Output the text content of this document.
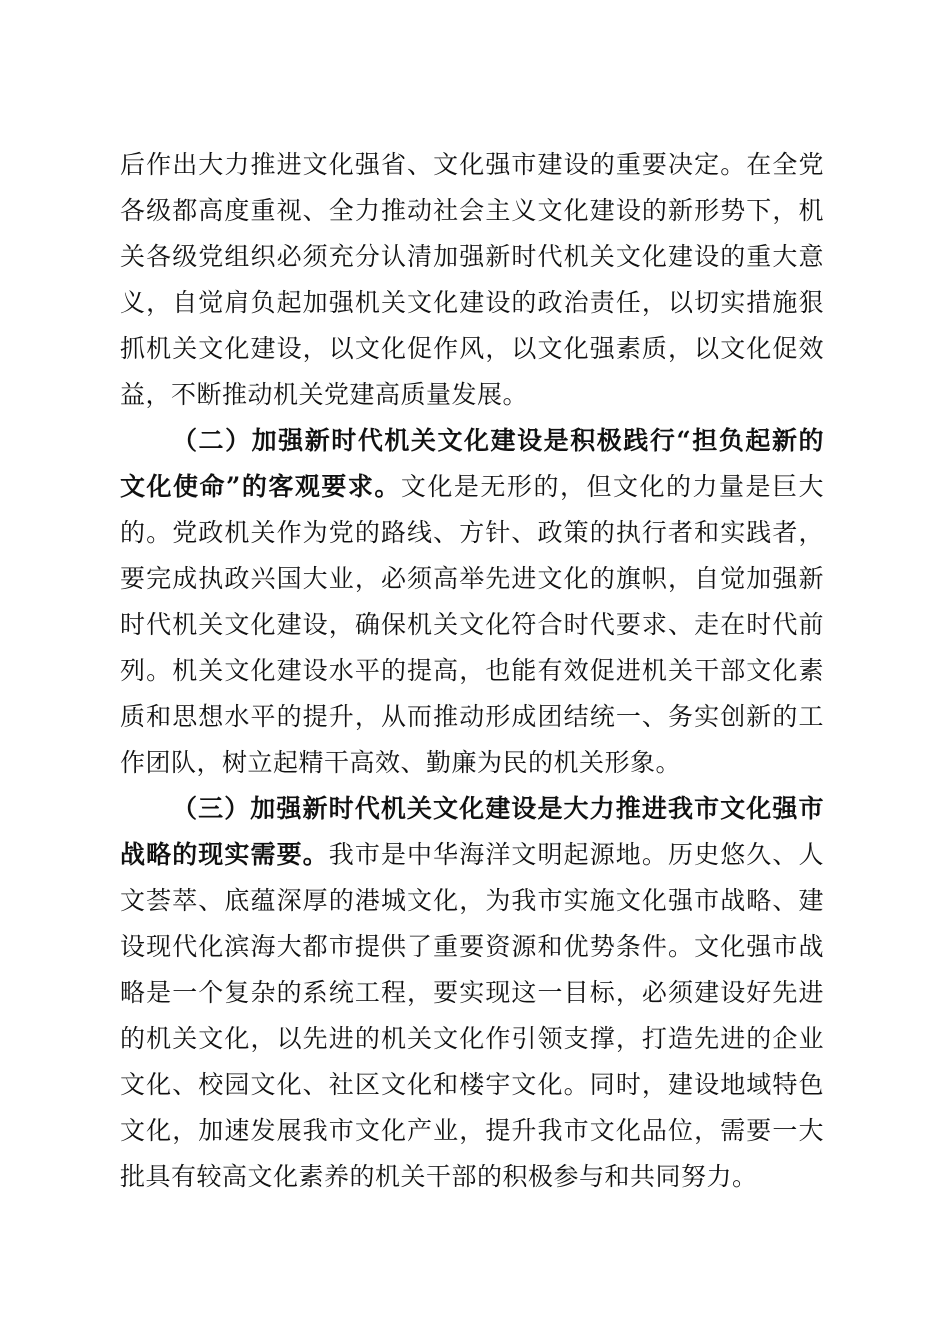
后作出大力推进文化强省、文化强市建设的重要决定。在全党各级都高度重视、全力推动社会主义文化建设的新形势下，机关各级党组织必须充分认清加强新时代机关文化建设的重大意义，自觉肩负起加强机关文化建设的政治责任，以切实措施狠抓机关文化建设，以文化促作风，以文化强素质，以文化促效益，不断推动机关党建高质量发展。

（二）加强新时代机关文化建设是积极践行“担负起新的文化使命”的客观要求。文化是无形的，但文化的力量是巨大的。党政机关作为党的路线、方针、政策的执行者和实践者，要完成执政兴国大业，必须高举先进文化的旗帜，自觉加强新时代机关文化建设，确保机关文化符合时代要求、走在时代前列。机关文化建设水平的提高，也能有效促进机关干部文化素质和思想水平的提升，从而推动形成团结统一、务实创新的工作团队，树立起精干高效、勤廉为民的机关形象。

（三）加强新时代机关文化建设是大力推进我市文化强市战略的现实需要。我市是中华海洋文明起源地。历史悠久、人文荟萃、底蕴深厚的港城文化，为我市实施文化强市战略、建设现代化滨海大都市提供了重要资源和优势条件。文化强市战略是一个复杂的系统工程，要实现这一目标，必须建设好先进的机关文化，以先进的机关文化作引领支撑，打造先进的企业文化、校园文化、社区文化和楼宇文化。同时，建设地域特色文化，加速发展我市文化产业，提升我市文化品位，需要一大批具有较高文化素养的机关干部的积极参与和共同努力。
